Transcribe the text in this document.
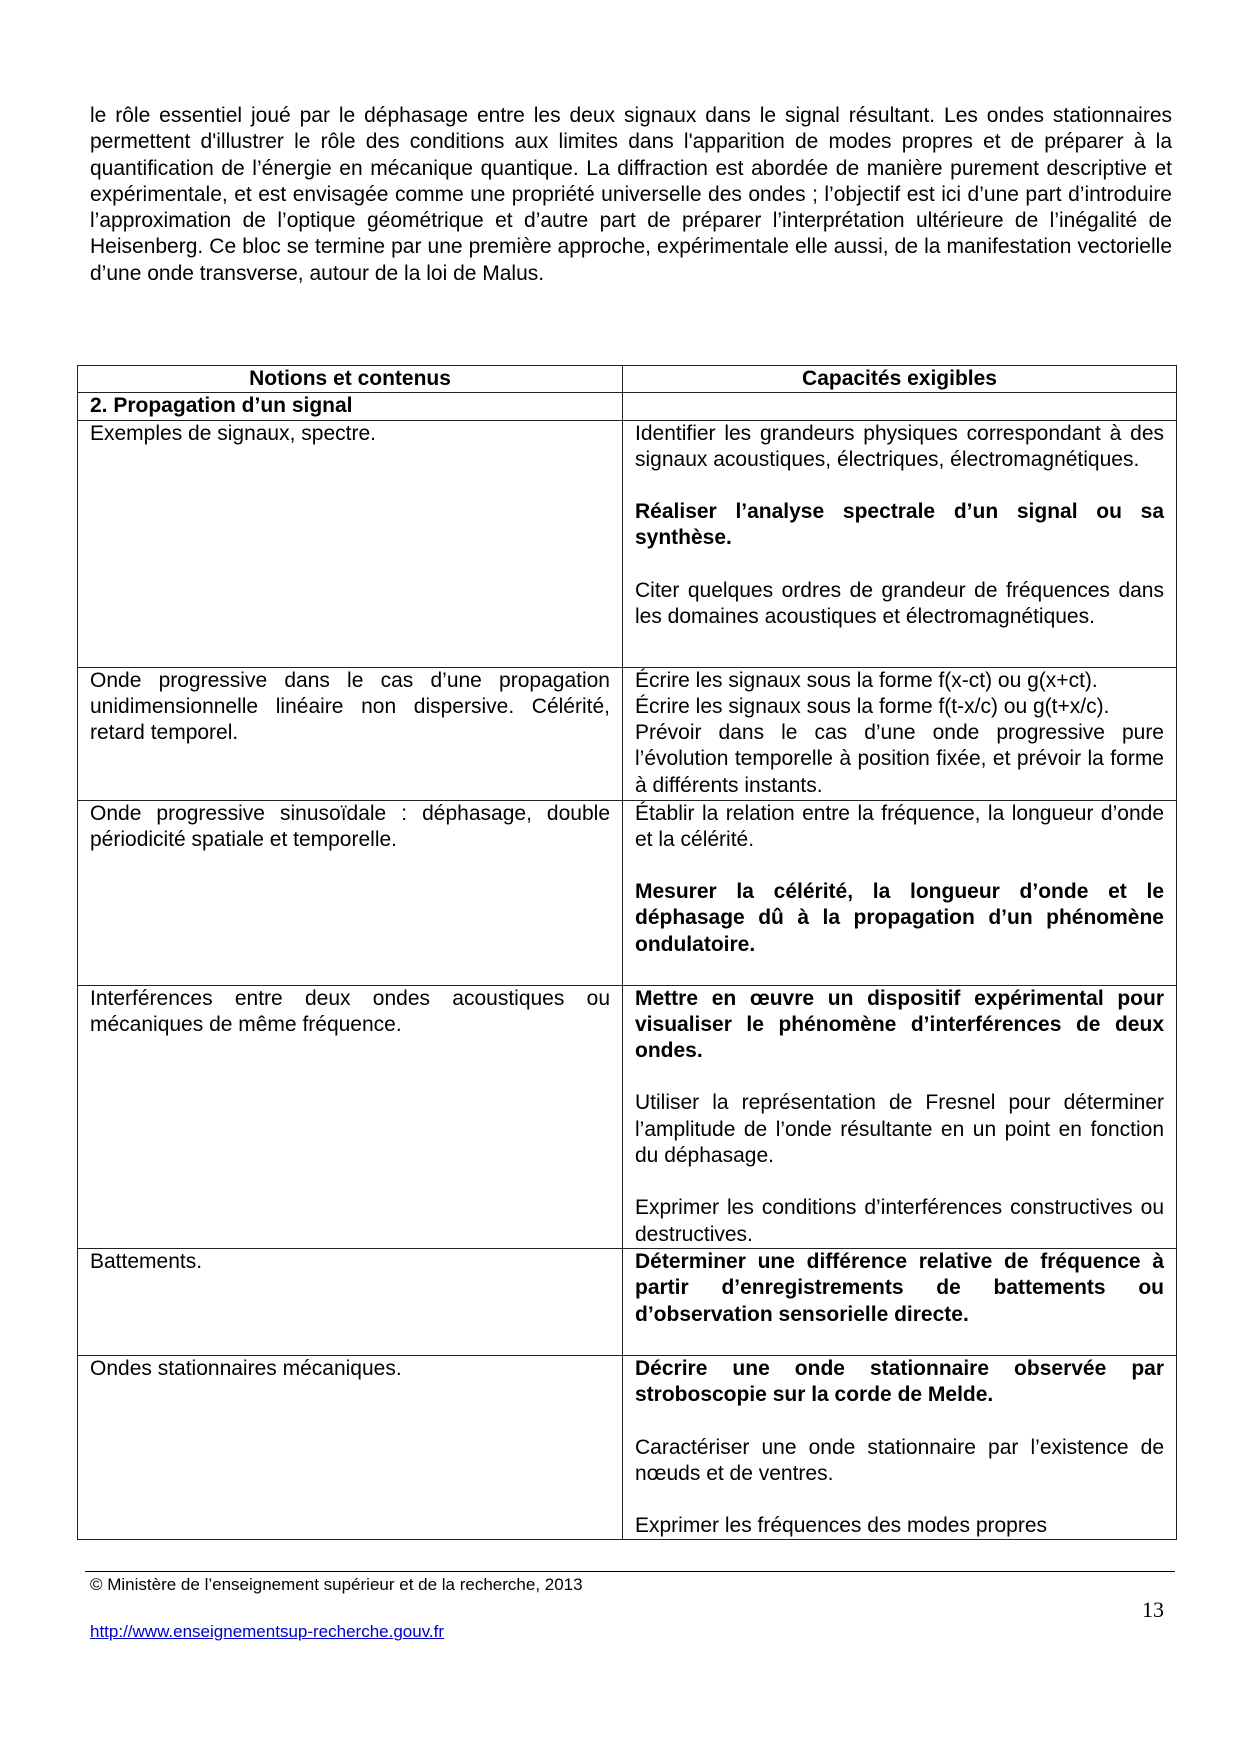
le rôle essentiel joué par le déphasage entre les deux signaux dans le signal résultant. Les ondes stationnaires permettent d'illustrer le rôle des conditions aux limites dans l'apparition de modes propres et de préparer à la quantification de l’énergie en mécanique quantique. La diffraction est abordée de manière purement descriptive et expérimentale, et est envisagée comme une propriété universelle des ondes ; l’objectif est ici d’une part d’introduire l’approximation de l’optique géométrique et d’autre part de préparer l’interprétation ultérieure de l’inégalité de Heisenberg. Ce bloc se termine par une première approche, expérimentale elle aussi, de la manifestation vectorielle d’une onde transverse, autour de la loi de Malus.

Notions et contenus	Capacités exigibles
2. Propagation d’un signal	

Exemples de signaux, spectre.	Identifier les grandeurs physiques correspondant à des signaux acoustiques, électriques, électromagnétiques.

Réaliser l’analyse spectrale d’un signal ou sa synthèse.

Citer quelques ordres de grandeur de fréquences dans les domaines acoustiques et électromagnétiques.

Onde progressive dans le cas d’une propagation unidimensionnelle linéaire non dispersive. Célérité, retard temporel.	Écrire les signaux sous la forme f(x-ct) ou g(x+ct).

Écrire les signaux sous la forme f(t-x/c) ou g(t+x/c).

Prévoir dans le cas d’une onde progressive pure l’évolution temporelle à position fixée, et prévoir la forme à différents instants.

Onde progressive sinusoïdale : déphasage, double périodicité spatiale et temporelle.	Établir la relation entre la fréquence, la longueur d’onde et la célérité.

Mesurer la célérité, la longueur d’onde et le déphasage dû à la propagation d’un phénomène ondulatoire.

Interférences entre deux ondes acoustiques ou mécaniques de même fréquence.	Mettre en œuvre un dispositif expérimental pour visualiser le phénomène d’interférences de deux ondes.

Utiliser la représentation de Fresnel pour déterminer l’amplitude de l’onde résultante en un point en fonction du déphasage.

Exprimer les conditions d’interférences constructives ou destructives.

Battements.	Déterminer une différence relative de fréquence à partir d’enregistrements de battements ou d’observation sensorielle directe.

Ondes stationnaires mécaniques.	Décrire une onde stationnaire observée par stroboscopie sur la corde de Melde.

Caractériser une onde stationnaire par l’existence de nœuds et de ventres.

Exprimer les fréquences des modes propres

© Ministère de l’enseignement supérieur et de la recherche, 2013
13
http://www.enseignementsup-recherche.gouv.fr
